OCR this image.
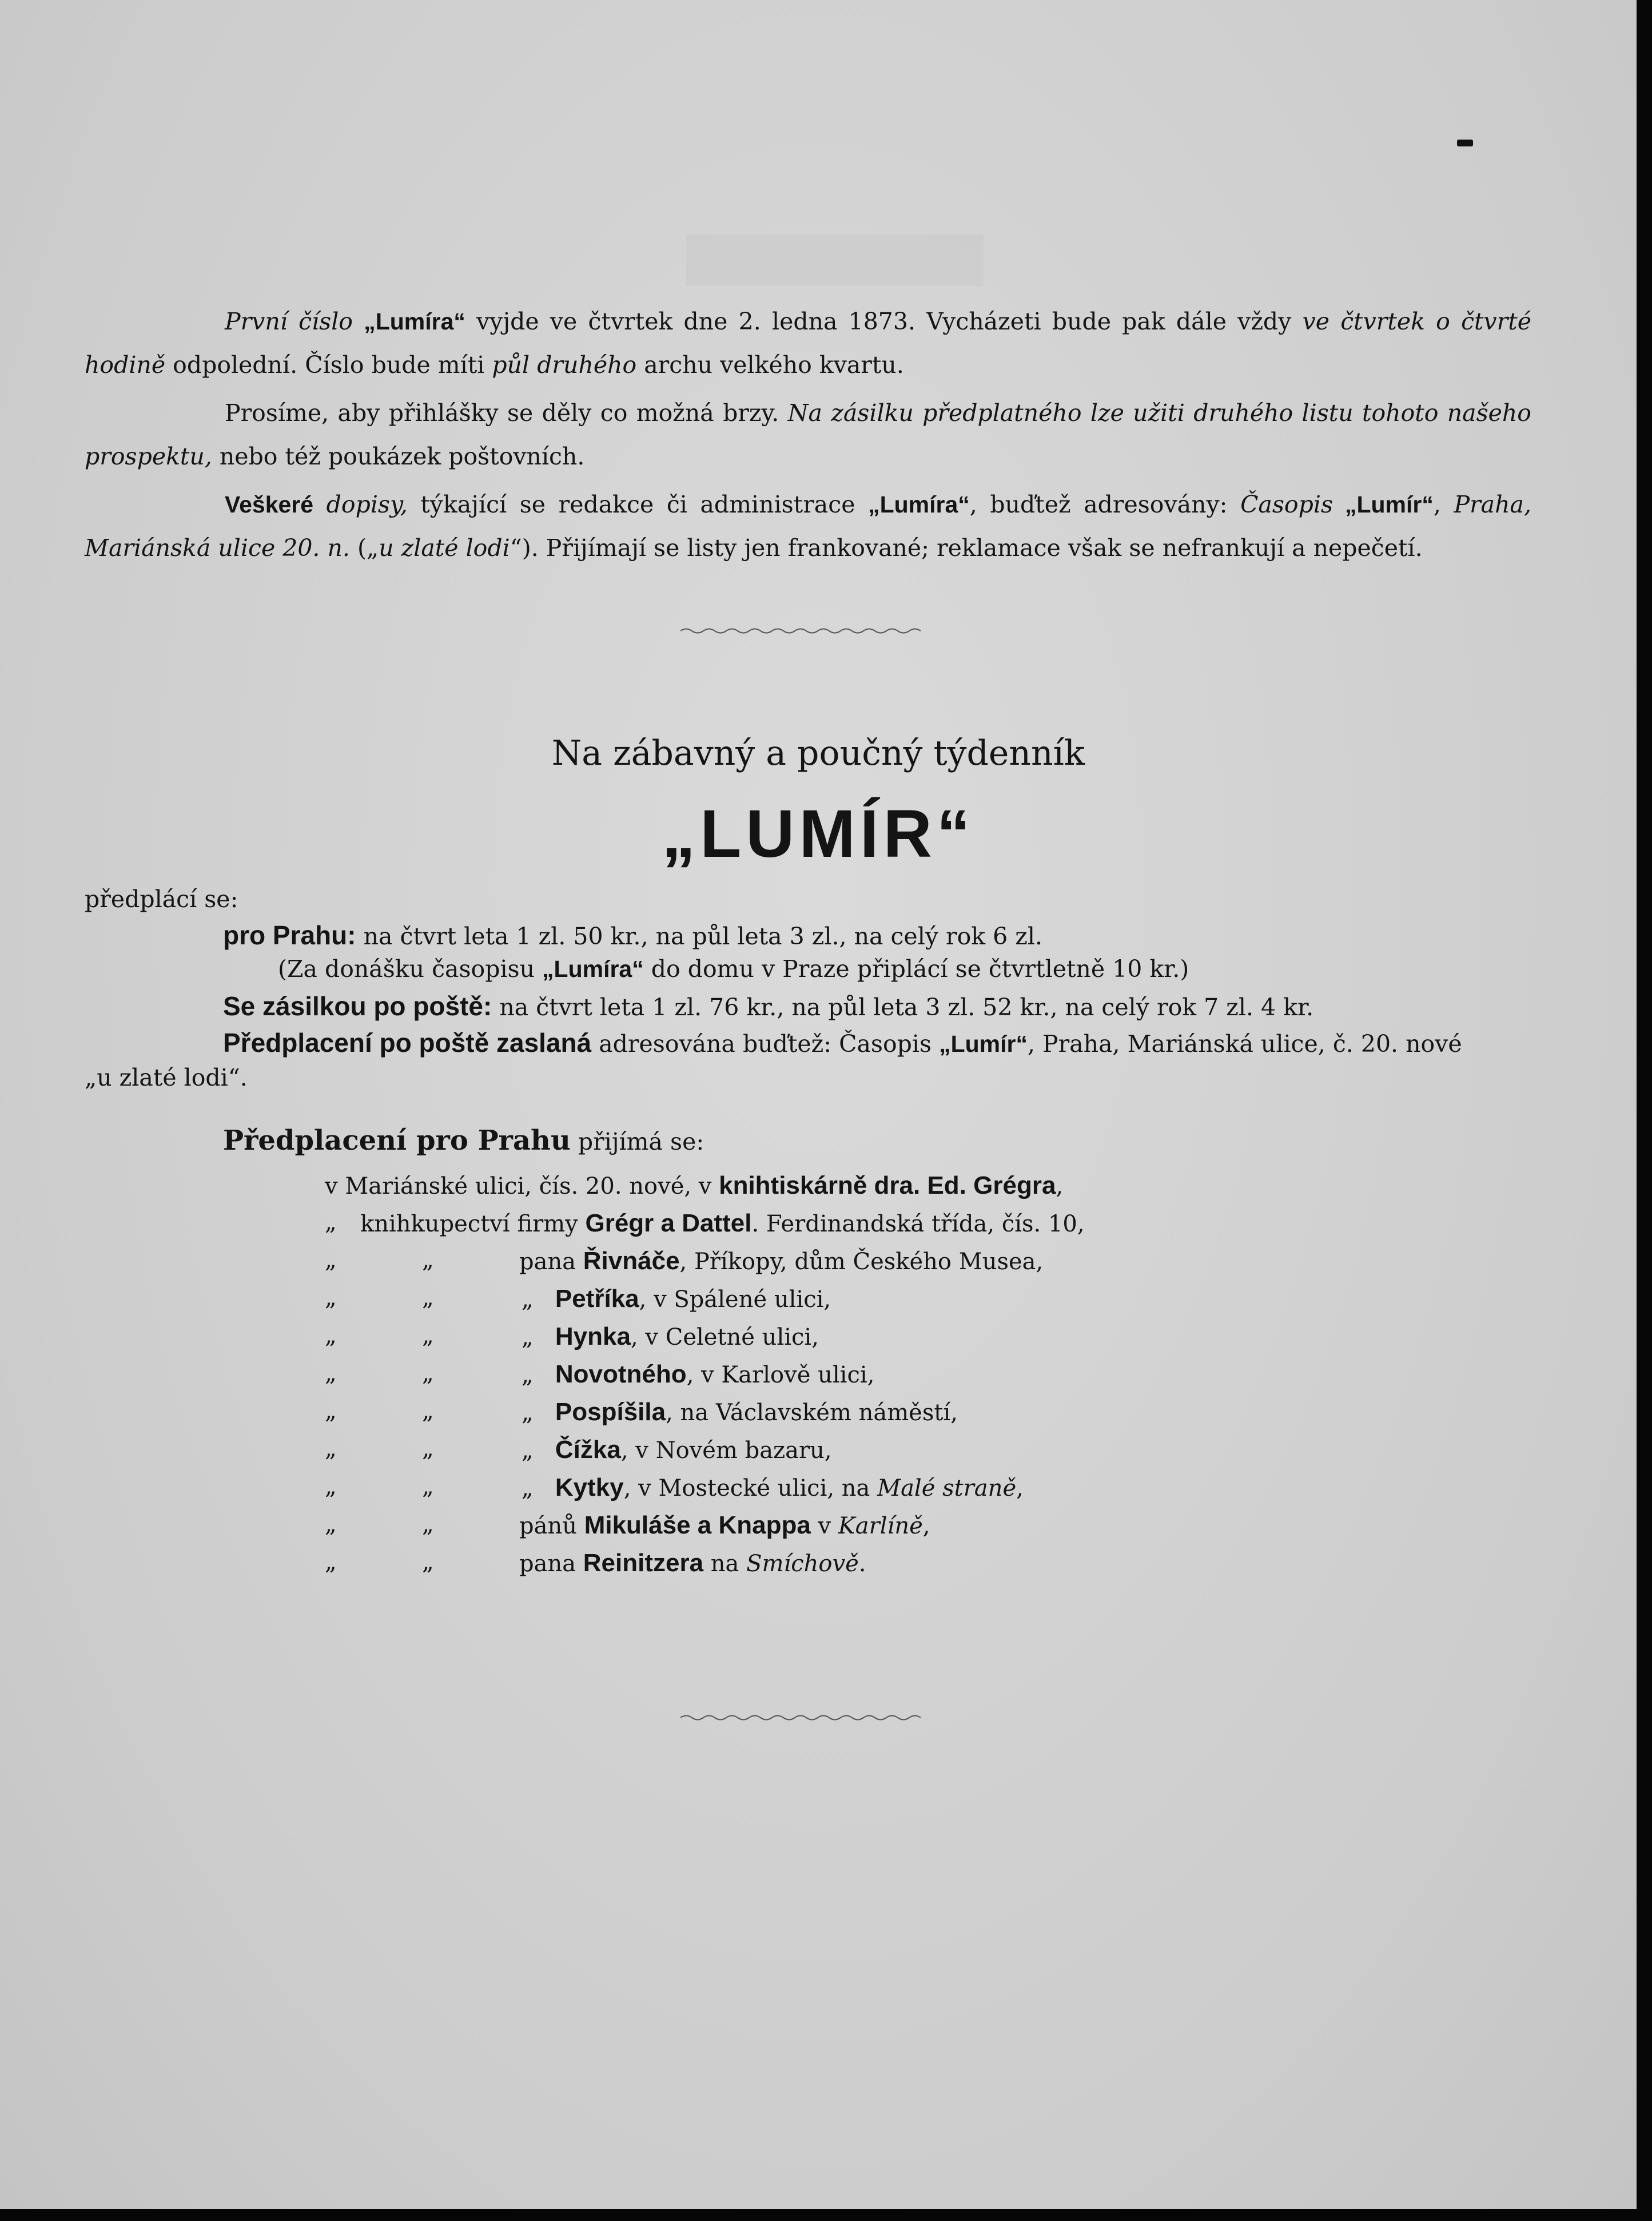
První číslo „Lumíra“ vyjde ve čtvrtek dne 2. ledna 1873. Vycházeti bude pak dále vždy ve čtvrtek o čtvrté hodině odpolední. Číslo bude míti půl druhého archu velkého kvartu.
Prosíme, aby přihlášky se děly co možná brzy. Na zásilku předplatného lze užiti druhého listu tohoto našeho prospektu, nebo též poukázek poštovních.
Veškeré dopisy, týkající se redakce či administrace „Lumíra“, buďtež adresovány: Časopis „Lumír“, Praha, Mariánská ulice 20. n. („u zlaté lodi“). Přijímají se listy jen frankované; reklamace však se nefrankují a nepečetí.
Na zábavný a poučný týdenník
„LUMÍR“
předplácí se:
pro Prahu: na čtvrt leta 1 zl. 50 kr., na půl leta 3 zl., na celý rok 6 zl.
(Za donášku časopisu „Lumíra“ do domu v Praze připlácí se čtvrtletně 10 kr.)
Se zásilkou po poště: na čtvrt leta 1 zl. 76 kr., na půl leta 3 zl. 52 kr., na celý rok 7 zl. 4 kr.
Předplacení po poště zaslaná adresována buďtež: Časopis „Lumír“, Praha, Mariánská ulice, č. 20. nové
„u zlaté lodi“.
Předplacení pro Prahu přijímá se:
v Mariánské ulici, čís. 20. nové, v knihtiskárně dra. Ed. Grégra,
„ knihkupectví firmy Grégr a Dattel. Ferdinandská třída, čís. 10,
„	„	pana Řivnáče, Příkopy, dům Českého Musea,
„	„	„ Petříka, v Spálené ulici,
„	„	„ Hynka, v Celetné ulici,
„	„	„ Novotného, v Karlově ulici,
„	„	„ Pospíšila, na Václavském náměstí,
„	„	„ Čížka, v Novém bazaru,
„	„	„ Kytky, v Mostecké ulici, na Malé straně,
„	„	pánů Mikuláše a Knappa v Karlíně,
„	„	pana Reinitzera na Smíchově.
